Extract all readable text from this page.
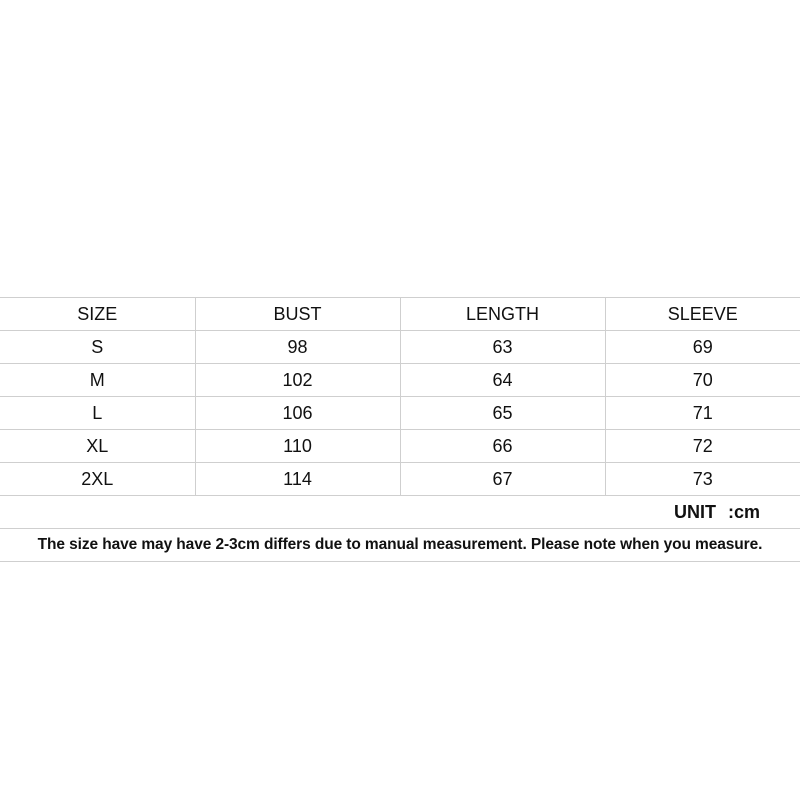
SIZE	BUST	LENGTH	SLEEVE
S	98	63	69
M	102	64	70
L	106	65	71
XL	110	66	72
2XL	114	67	73
UNIT :cm			
The size have may have 2-3cm differs due to manual measurement. Please note when you measure.			
